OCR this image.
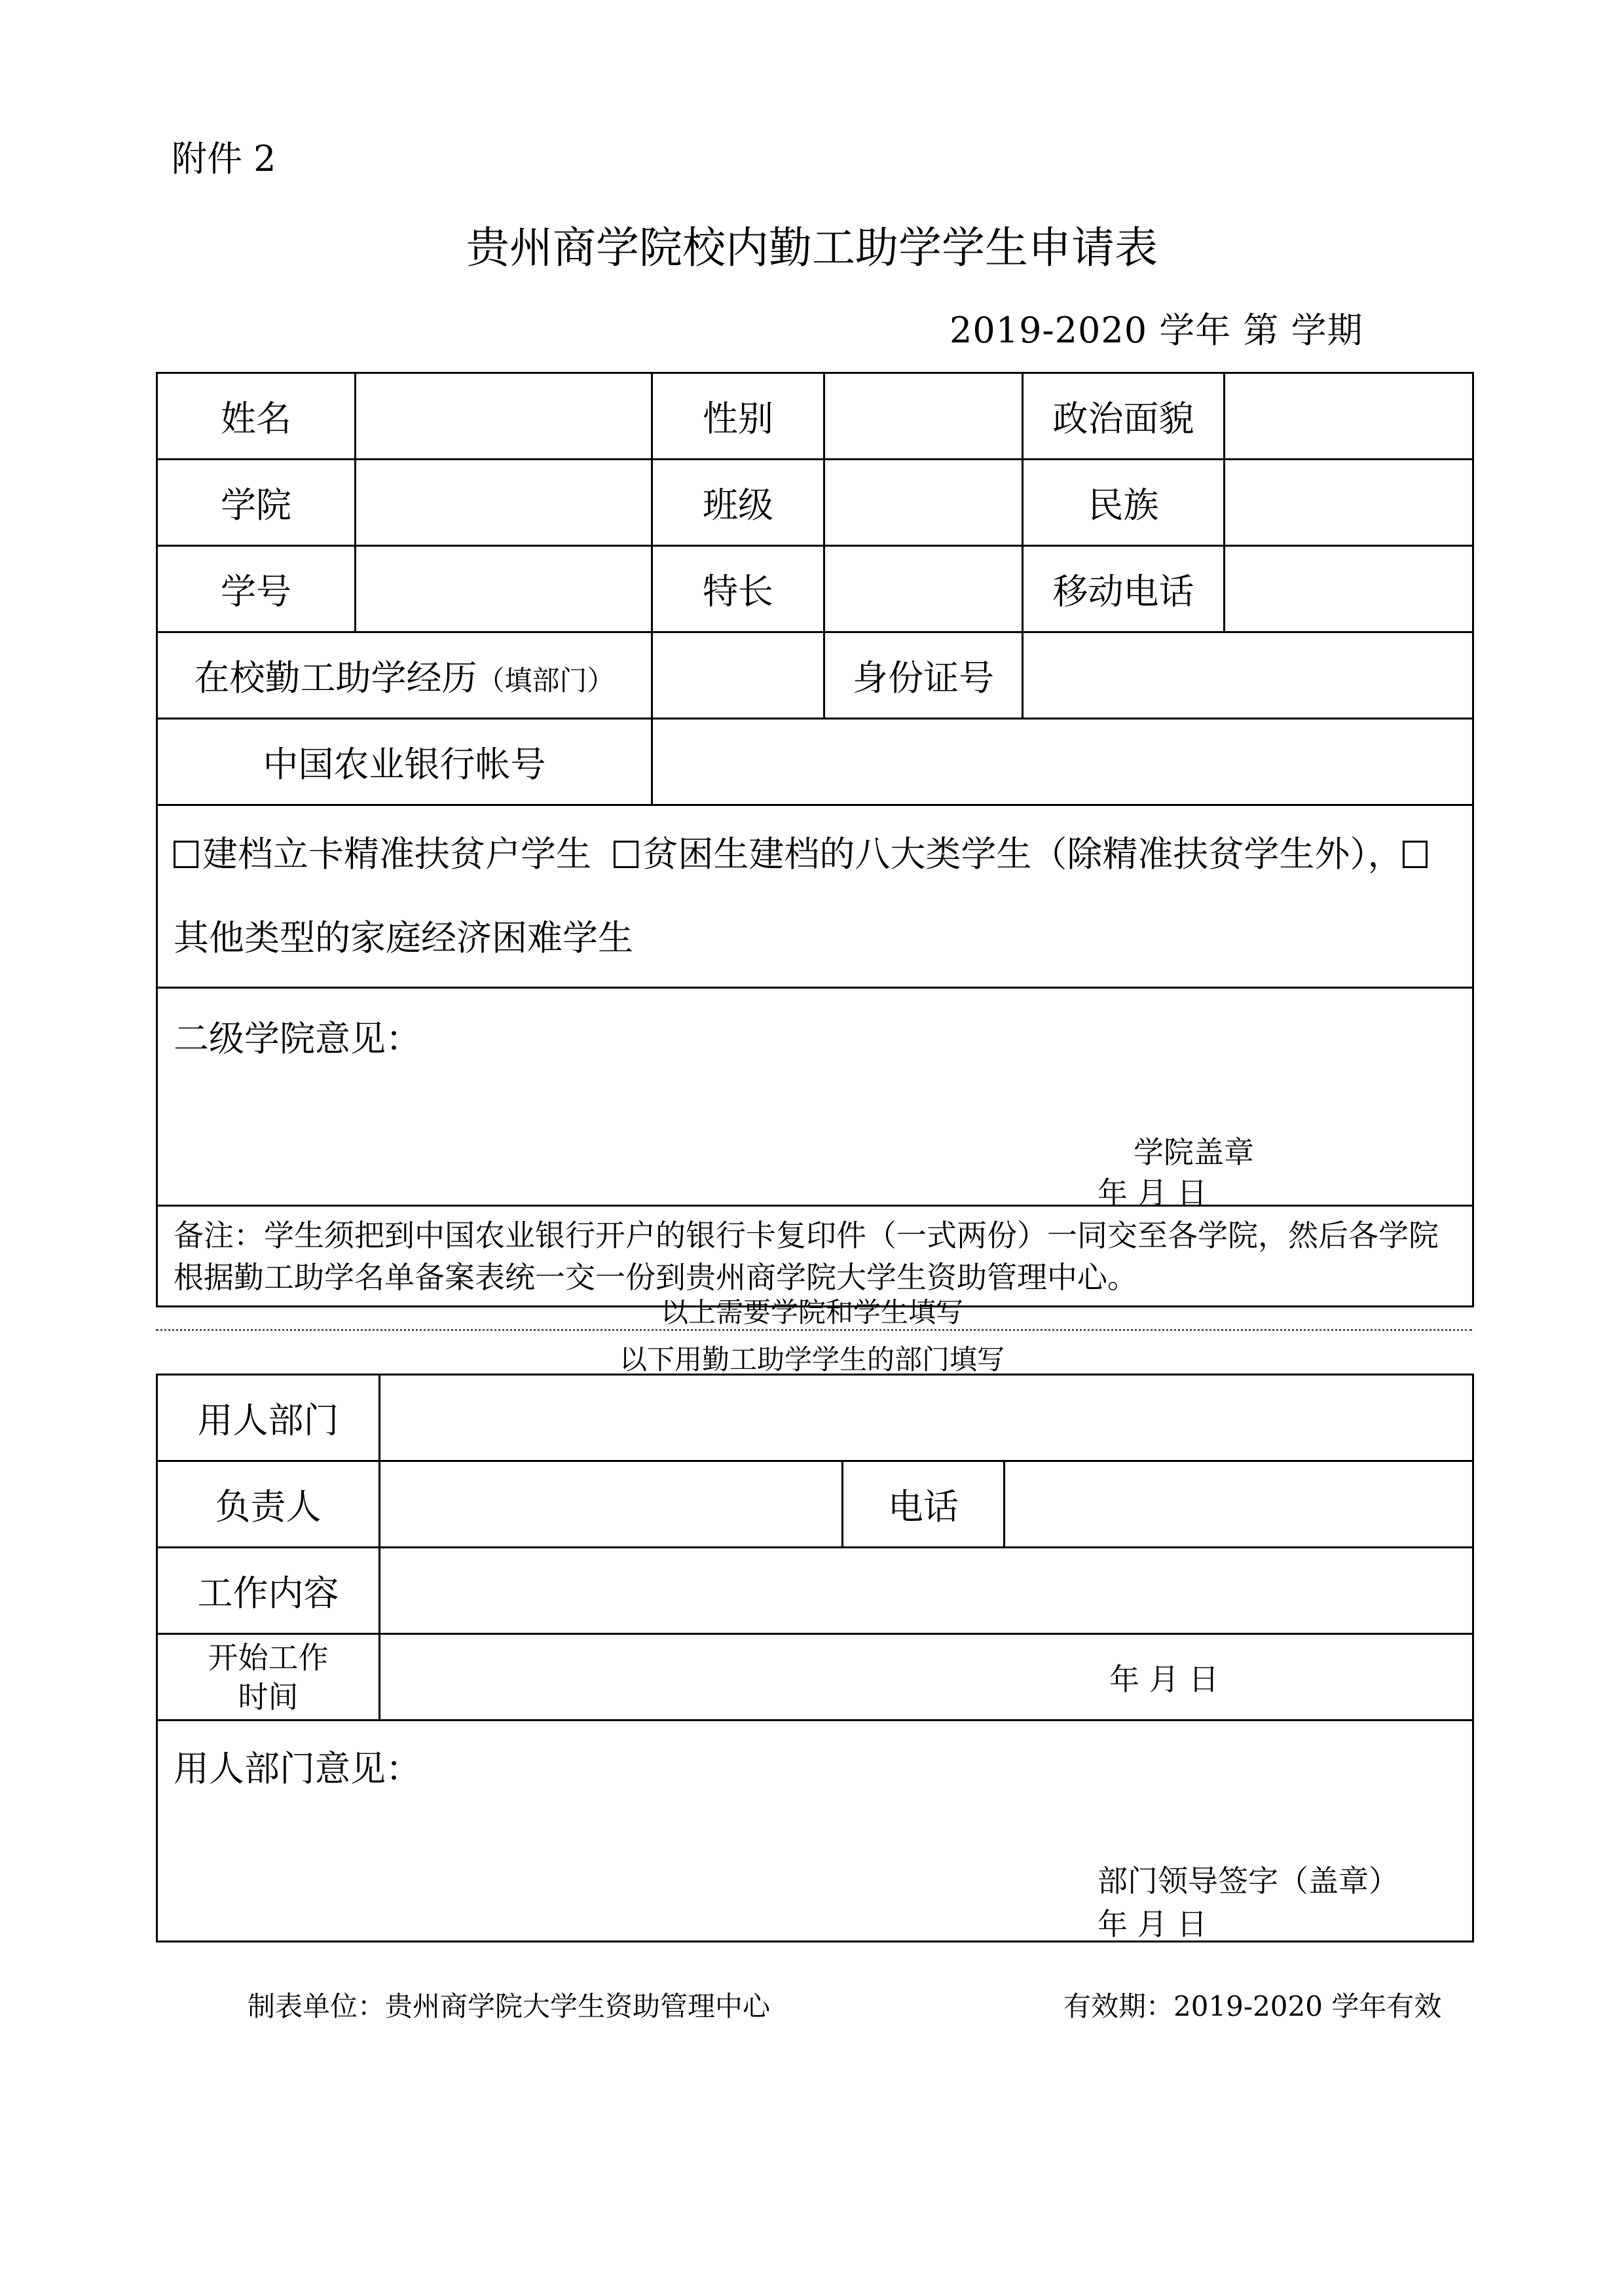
附件 2
贵州商学院校内勤工助学学生申请表
2019-2020 学年 第 学期
姓名		性别		政治面貌	
学院		班级		民族	
学号		特长		移动电话	
在校勤工助学经历（填部门）			身份证号		
中国农业银行帐号					
建档立卡精准扶贫户学生 贫困生建档的八大类学生（除精准扶贫学生外），其他类型的家庭经济困难学生					

二级学院意见：
学院盖章
年 月 日					

备注：学生须把到中国农业银行开户的银行卡复印件（一式两份）一同交至各学院，然后各学院根据勤工助学名单备案表统一交一份到贵州商学院大学生资助管理中心。					
以上需要学院和学生填写
以下用勤工助学学生的部门填写
用人部门			
负责人		电话	
工作内容			
开始工作
时间	年 月 日		

用人部门意见：
部门领导签字（盖章）
年 月 日			
制表单位：贵州商学院大学生资助管理中心	有效期：2019-2020 学年有效
